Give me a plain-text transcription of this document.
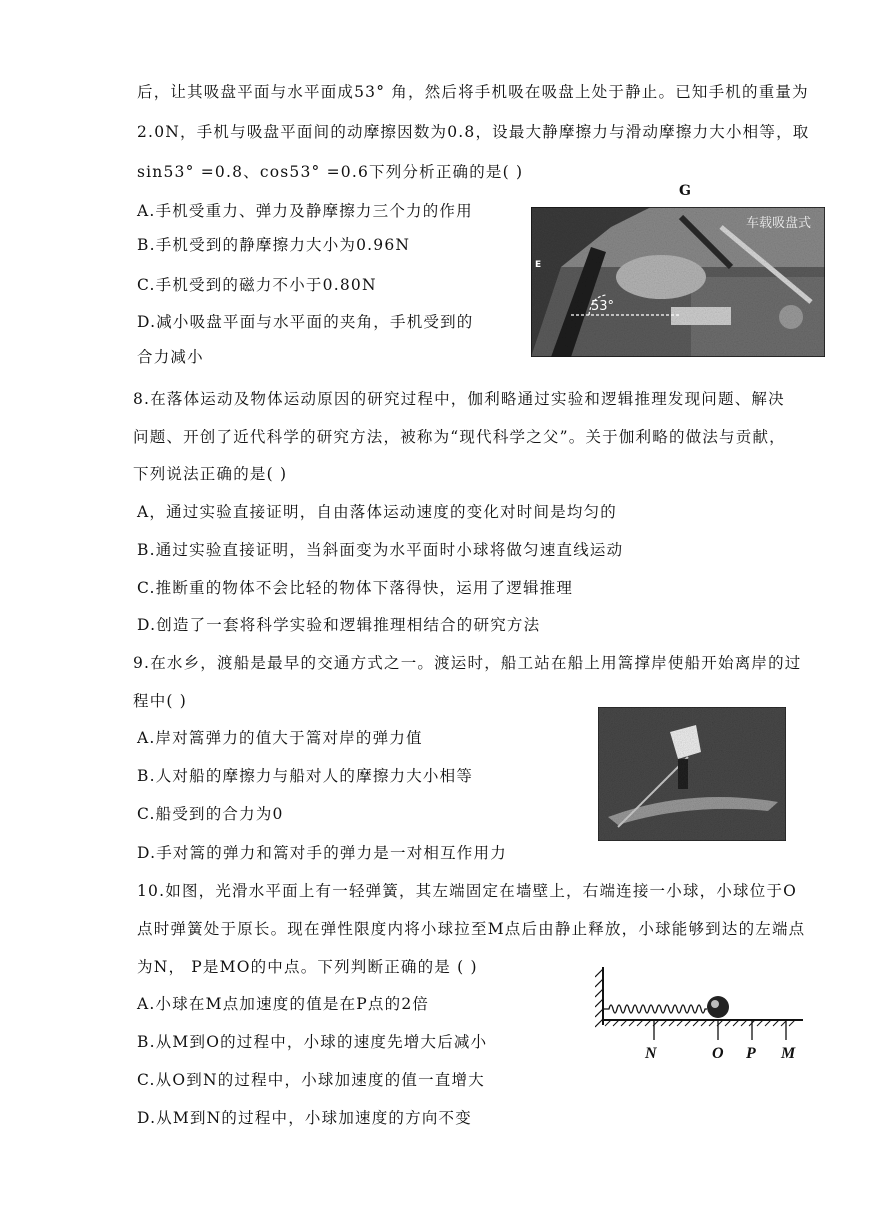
后，让其吸盘平面与水平面成53° 角，然后将手机吸在吸盘上处于静止。已知手机的重量为
2.0N，手机与吸盘平面间的动摩擦因数为0.8，设最大静摩擦力与滑动摩擦力大小相等，取
sin53° =0.8、cos53° =0.6下列分析正确的是( )
A.手机受重力、弹力及静摩擦力三个力的作用
B.手机受到的静摩擦力大小为0.96N
C.手机受到的磁力不小于0.80N
D.减小吸盘平面与水平面的夹角，手机受到的
合力减小
G
车载吸盘式
E
53°
8.在落体运动及物体运动原因的研究过程中，伽利略通过实验和逻辑推理发现问题、解决
问题、开创了近代科学的研究方法，被称为“现代科学之父”。关于伽利略的做法与贡献，
下列说法正确的是( )
A，通过实验直接证明，自由落体运动速度的变化对时间是均匀的
B.通过实验直接证明，当斜面变为水平面时小球将做匀速直线运动
C.推断重的物体不会比轻的物体下落得快，运用了逻辑推理
D.创造了一套将科学实验和逻辑推理相结合的研究方法
9.在水乡，渡船是最早的交通方式之一。渡运时，船工站在船上用篙撑岸使船开始离岸的过
程中( )
A.岸对篙弹力的值大于篙对岸的弹力值
B.人对船的摩擦力与船对人的摩擦力大小相等
C.船受到的合力为0
D.手对篙的弹力和篙对手的弹力是一对相互作用力
10.如图，光滑水平面上有一轻弹簧，其左端固定在墙壁上，右端连接一小球，小球位于O
点时弹簧处于原长。现在弹性限度内将小球拉至M点后由静止释放，小球能够到达的左端点
为N， P是MO的中点。下列判断正确的是 ( )
A.小球在M点加速度的值是在P点的2倍
B.从M到O的过程中，小球的速度先增大后减小
C.从O到N的过程中，小球加速度的值一直增大
D.从M到N的过程中，小球加速度的方向不变
N	O P M
